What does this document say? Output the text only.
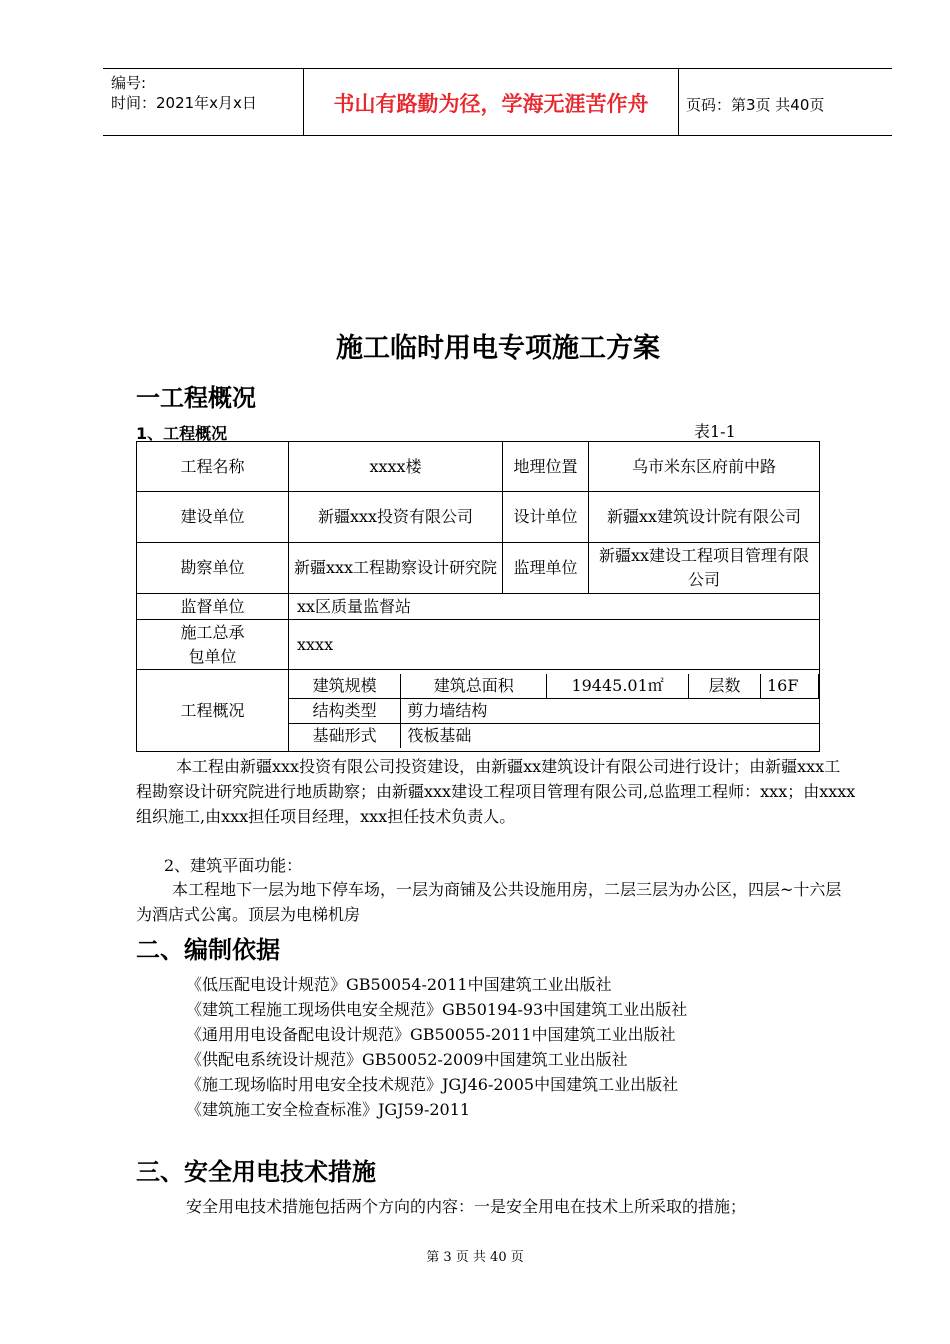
编号:
时间：2021年x月x日	书山有路勤为径，学海无涯苦作舟	页码：第3页 共40页
施工临时用电专项施工方案
一工程概况
1、工程概况	表1-1
工程名称	xxxx楼	地理位置	乌市米东区府前中路
建设单位	新疆xxx投资有限公司	设计单位	新疆xx建筑设计院有限公司
勘察单位	新疆xxx工程勘察设计研究院	监理单位	新疆xx建设工程项目管理有限公司
监督单位	xx区质量监督站
施工总承包单位	xxxx
工程概况	
建筑规模	建筑总面积	19445.01㎡	层数	16F
结构类型	剪力墙结构
基础形式	筏板基础
本工程由新疆xxx投资有限公司投资建设，由新疆xx建筑设计有限公司进行设计；由新疆xxx工程勘察设计研究院进行地质勘察；由新疆xxx建设工程项目管理有限公司,总监理工程师：xxx；由xxxx组织施工,由xxx担任项目经理，xxx担任技术负责人。
2、建筑平面功能：
本工程地下一层为地下停车场，一层为商铺及公共设施用房，二层三层为办公区，四层~十六层为酒店式公寓。顶层为电梯机房
二、编制依据
《低压配电设计规范》GB50054-2011中国建筑工业出版社
《建筑工程施工现场供电安全规范》GB50194-93中国建筑工业出版社
《通用用电设备配电设计规范》GB50055-2011中国建筑工业出版社
《供配电系统设计规范》GB50052-2009中国建筑工业出版社
《施工现场临时用电安全技术规范》JGJ46-2005中国建筑工业出版社
《建筑施工安全检查标准》JGJ59-2011
三、安全用电技术措施
安全用电技术措施包括两个方向的内容：一是安全用电在技术上所采取的措施；
第 3 页 共 40 页
